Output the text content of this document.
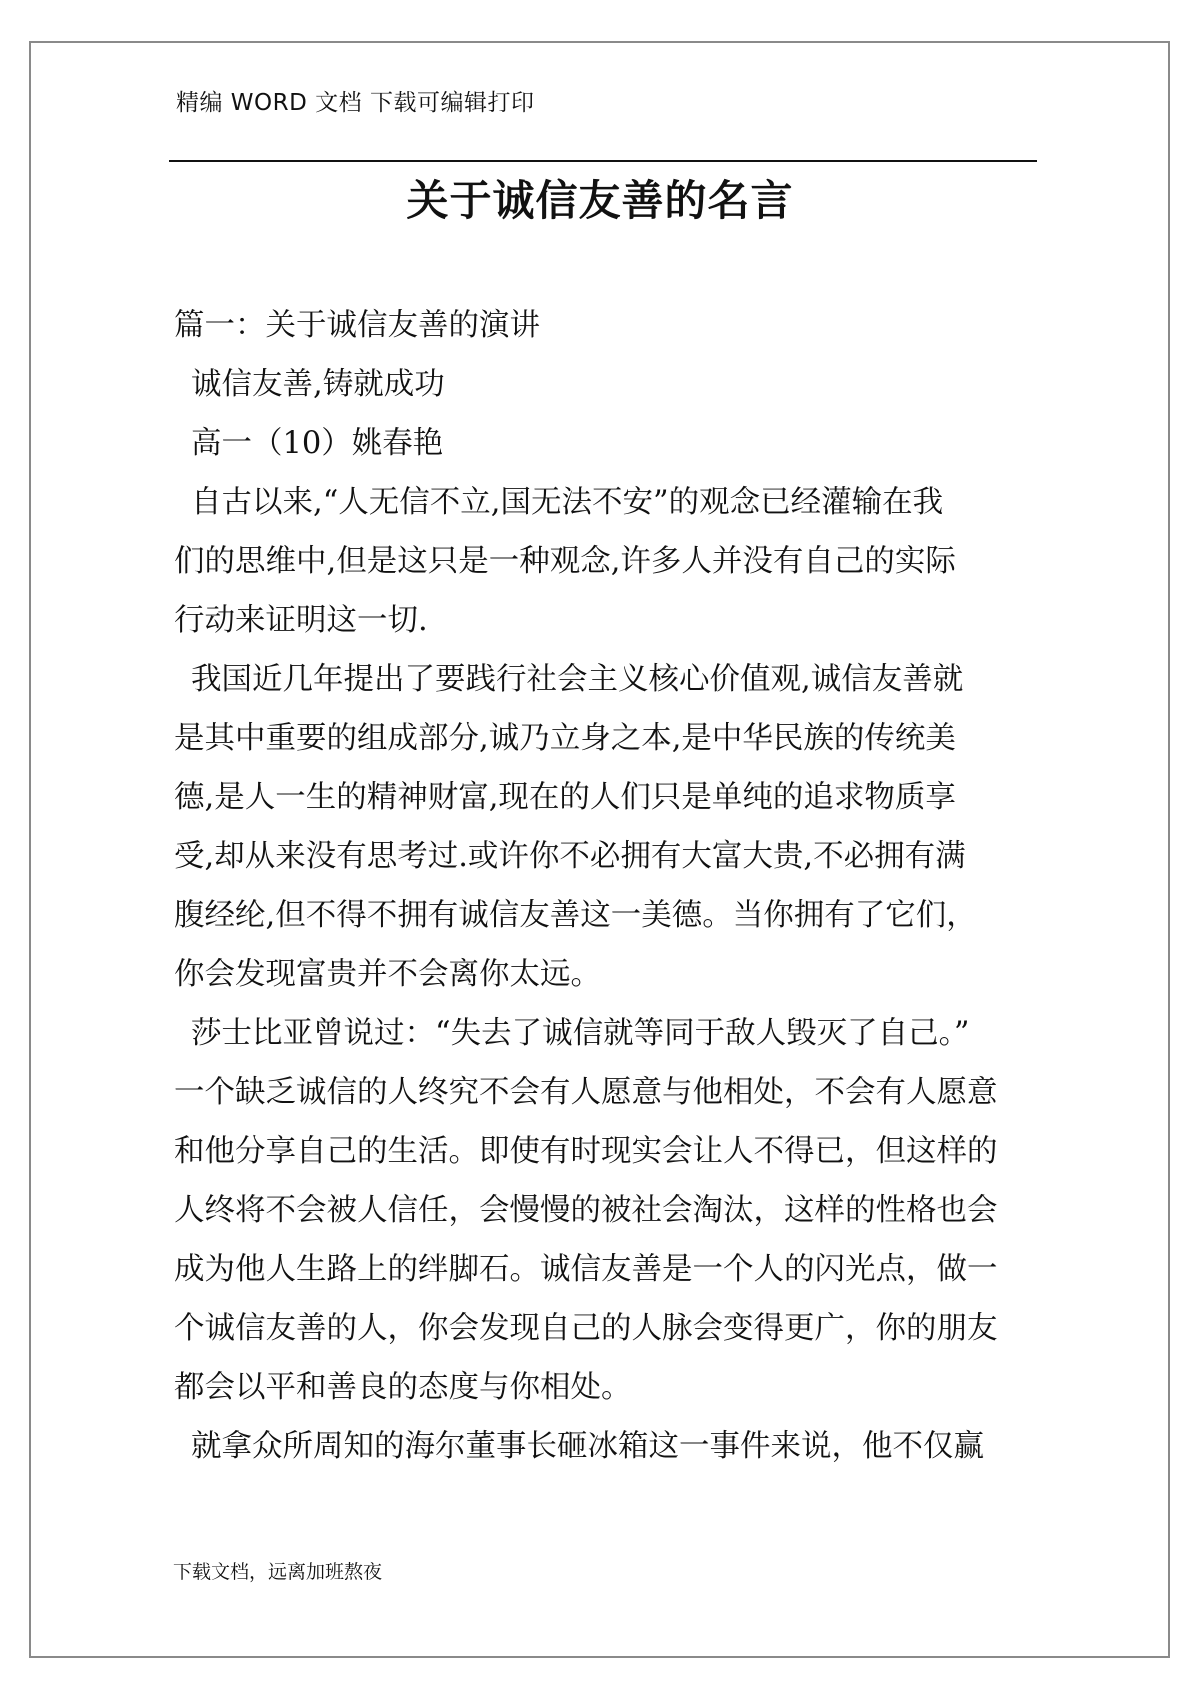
精编 WORD 文档 下载可编辑打印
关于诚信友善的名言
篇一：关于诚信友善的演讲
诚信友善,铸就成功
高一（10）姚春艳
自古以来,“人无信不立,国无法不安”的观念已经灌输在我
们的思维中,但是这只是一种观念,许多人并没有自己的实际
行动来证明这一切.
我国近几年提出了要践行社会主义核心价值观,诚信友善就
是其中重要的组成部分,诚乃立身之本,是中华民族的传统美
德,是人一生的精神财富,现在的人们只是单纯的追求物质享
受,却从来没有思考过.或许你不必拥有大富大贵,不必拥有满
腹经纶,但不得不拥有诚信友善这一美德。当你拥有了它们，
你会发现富贵并不会离你太远。
莎士比亚曾说过：“失去了诚信就等同于敌人毁灭了自己。”
一个缺乏诚信的人终究不会有人愿意与他相处，不会有人愿意
和他分享自己的生活。即使有时现实会让人不得已，但这样的
人终将不会被人信任，会慢慢的被社会淘汰，这样的性格也会
成为他人生路上的绊脚石。诚信友善是一个人的闪光点，做一
个诚信友善的人，你会发现自己的人脉会变得更广，你的朋友
都会以平和善良的态度与你相处。
就拿众所周知的海尔董事长砸冰箱这一事件来说，他不仅赢
下载文档，远离加班熬夜
